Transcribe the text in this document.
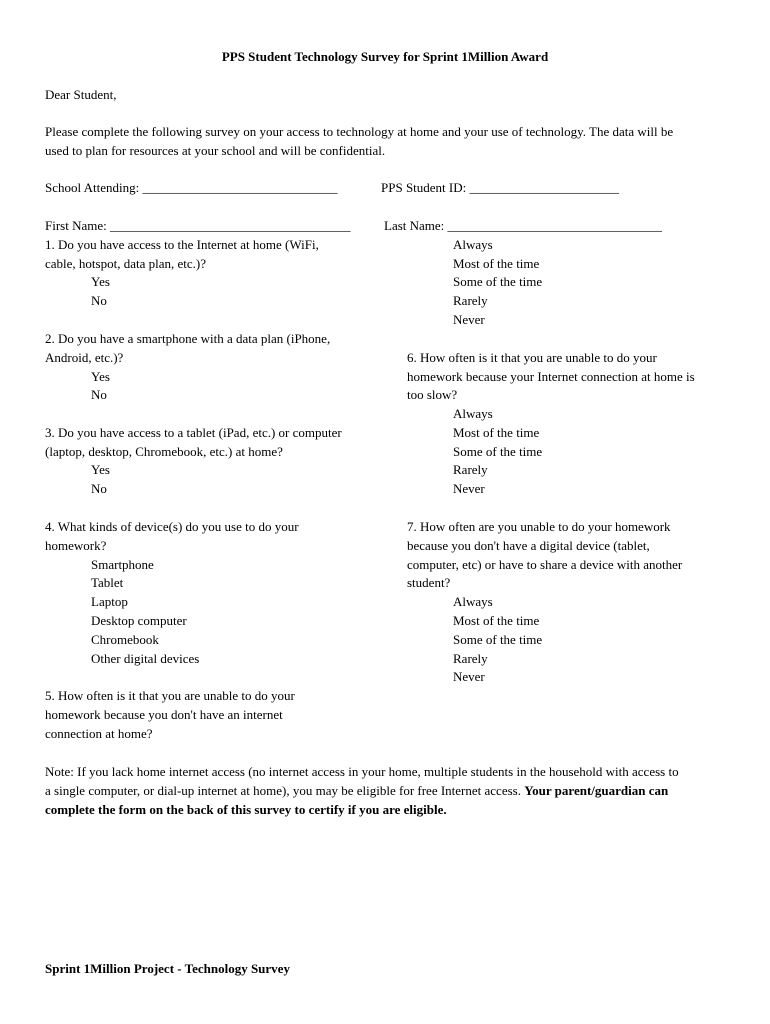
PPS Student Technology Survey for Sprint 1Million Award
Dear Student,
Please complete the following survey on your access to technology at home and your use of technology. The data will be
used to plan for resources at your school and will be confidential.
School Attending: ______________________________	PPS Student ID: _______________________
First Name: _____________________________________	Last Name: _________________________________
1. Do you have access to the Internet at home (WiFi,
cable, hotspot, data plan, etc.)?
Yes
No
Always
Most of the time
Some of the time
Rarely
Never
2. Do you have a smartphone with a data plan (iPhone,
Android, etc.)?
Yes
No
6. How often is it that you are unable to do your
homework because your Internet connection at home is
too slow?
Always
Most of the time
Some of the time
Rarely
Never
3. Do you have access to a tablet (iPad, etc.) or computer
(laptop, desktop, Chromebook, etc.) at home?
Yes
No
4. What kinds of device(s) do you use to do your
homework?
Smartphone
Tablet
Laptop
Desktop computer
Chromebook
Other digital devices
7. How often are you unable to do your homework
because you don't have a digital device (tablet,
computer, etc) or have to share a device with another
student?
Always
Most of the time
Some of the time
Rarely
Never
5. How often is it that you are unable to do your
homework because you don't have an internet
connection at home?
Note: If you lack home internet access (no internet access in your home, multiple students in the household with access to
a single computer, or dial-up internet at home), you may be eligible for free Internet access. Your parent/guardian can
complete the form on the back of this survey to certify if you are eligible.
Sprint 1Million Project - Technology Survey
